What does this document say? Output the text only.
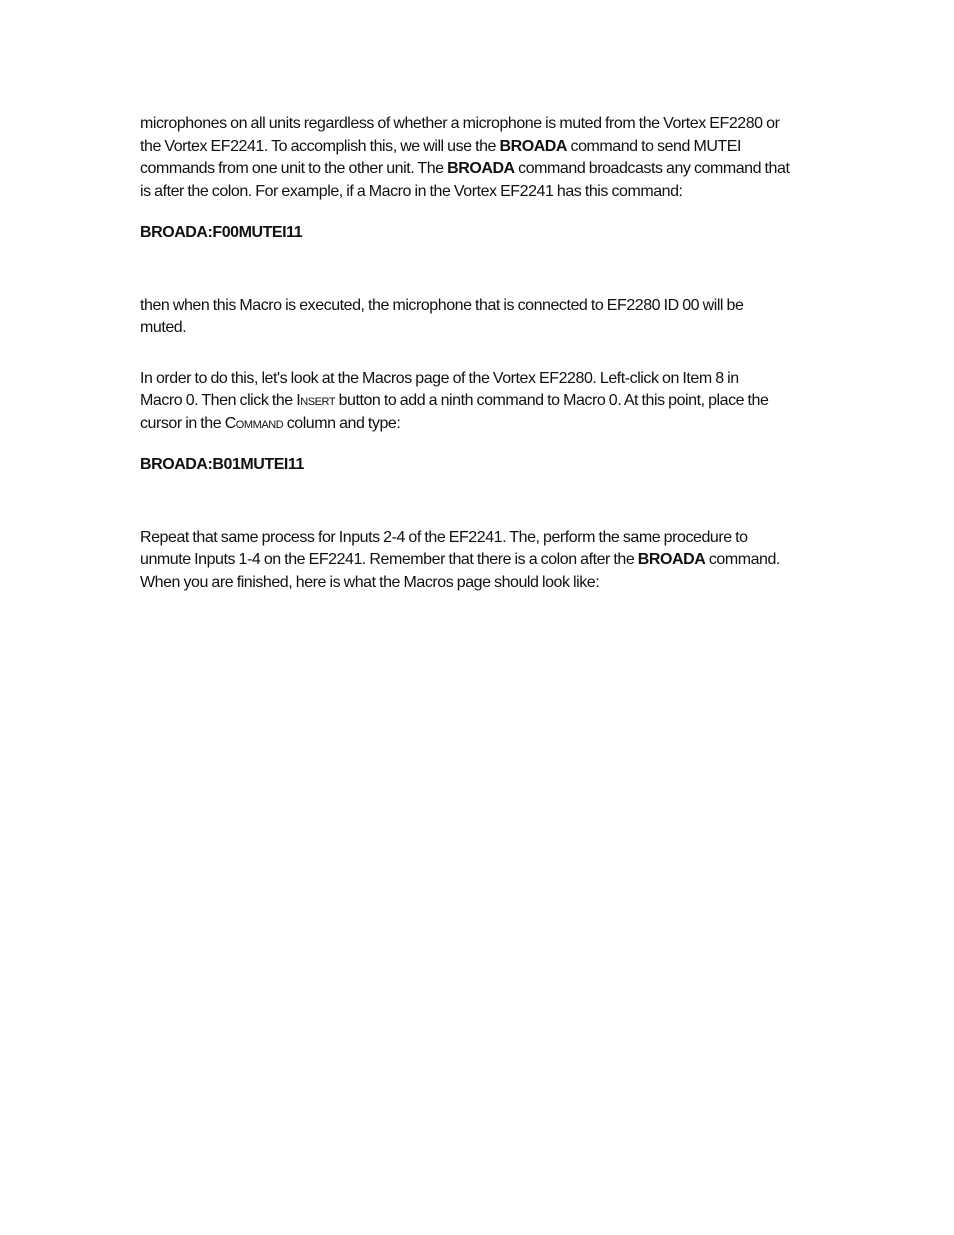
microphones on all units regardless of whether a microphone is muted from the Vortex EF2280 or
the Vortex EF2241. To accomplish this, we will use the BROADA command to send MUTEI
commands from one unit to the other unit. The BROADA command broadcasts any command that
is after the colon. For example, if a Macro in the Vortex EF2241 has this command:

BROADA:F00MUTEI11

then when this Macro is executed, the microphone that is connected to EF2280 ID 00 will be
muted.

In order to do this, let's look at the Macros page of the Vortex EF2280. Left-click on Item 8 in
Macro 0. Then click the Insert button to add a ninth command to Macro 0. At this point, place the
cursor in the Command column and type:

BROADA:B01MUTEI11

Repeat that same process for Inputs 2-4 of the EF2241. The, perform the same procedure to
unmute Inputs 1-4 on the EF2241. Remember that there is a colon after the BROADA command.
When you are finished, here is what the Macros page should look like:
